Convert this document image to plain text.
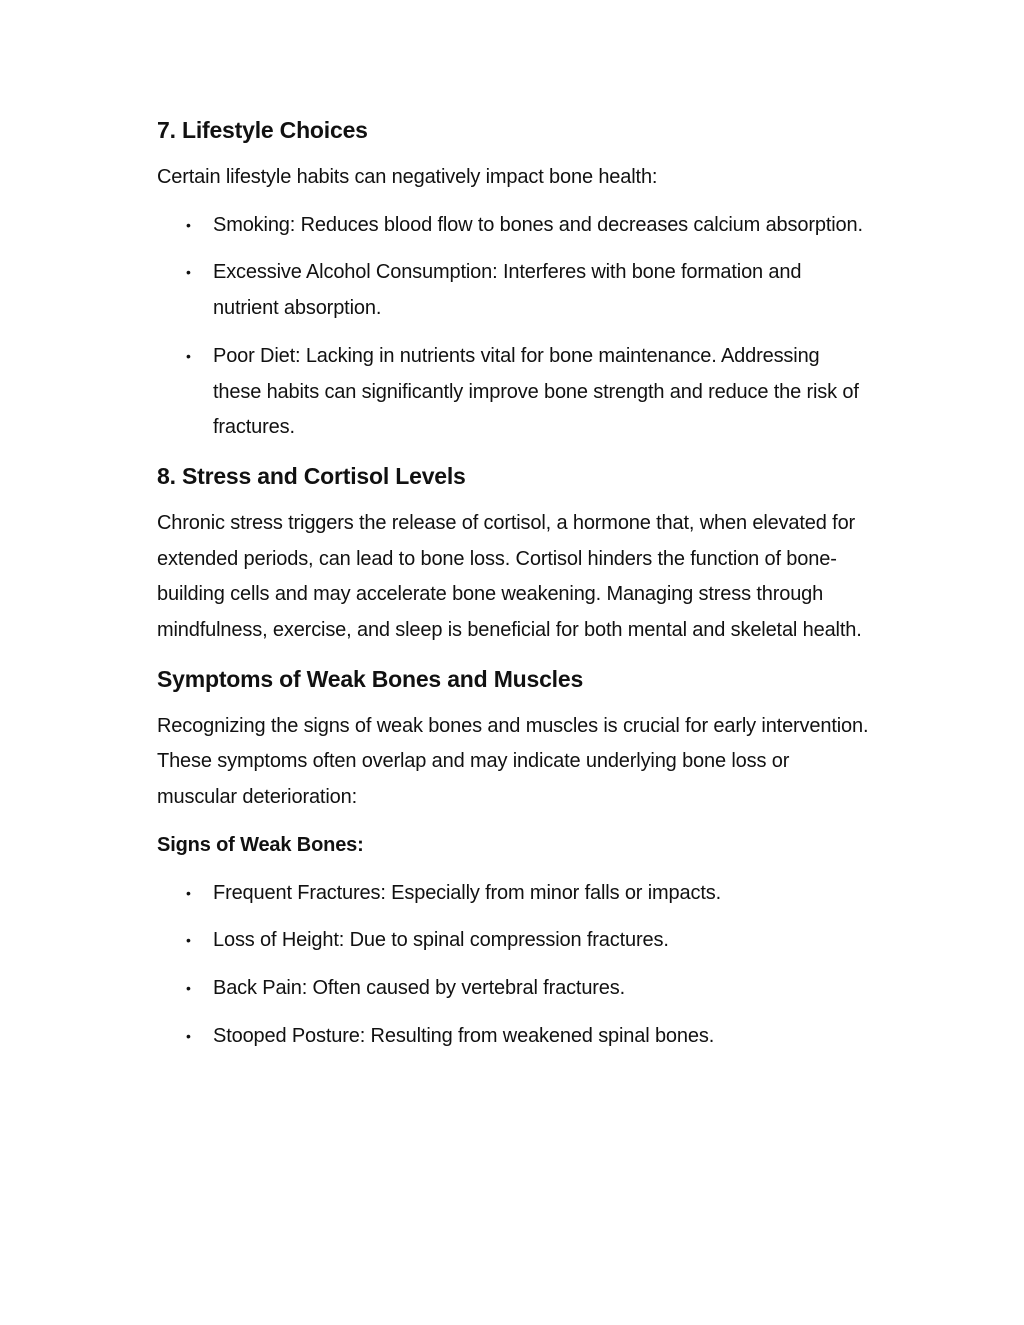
7. Lifestyle Choices

Certain lifestyle habits can negatively impact bone health:

• Smoking: Reduces blood flow to bones and decreases calcium absorption.
• Excessive Alcohol Consumption: Interferes with bone formation and nutrient absorption.
• Poor Diet: Lacking in nutrients vital for bone maintenance. Addressing these habits can significantly improve bone strength and reduce the risk of fractures.
8. Stress and Cortisol Levels

Chronic stress triggers the release of cortisol, a hormone that, when elevated for extended periods, can lead to bone loss. Cortisol hinders the function of bone-building cells and may accelerate bone weakening. Managing stress through mindfulness, exercise, and sleep is beneficial for both mental and skeletal health.

Symptoms of Weak Bones and Muscles

Recognizing the signs of weak bones and muscles is crucial for early intervention. These symptoms often overlap and may indicate underlying bone loss or muscular deterioration:

Signs of Weak Bones:
• Frequent Fractures: Especially from minor falls or impacts.
• Loss of Height: Due to spinal compression fractures.
• Back Pain: Often caused by vertebral fractures.
• Stooped Posture: Resulting from weakened spinal bones.
